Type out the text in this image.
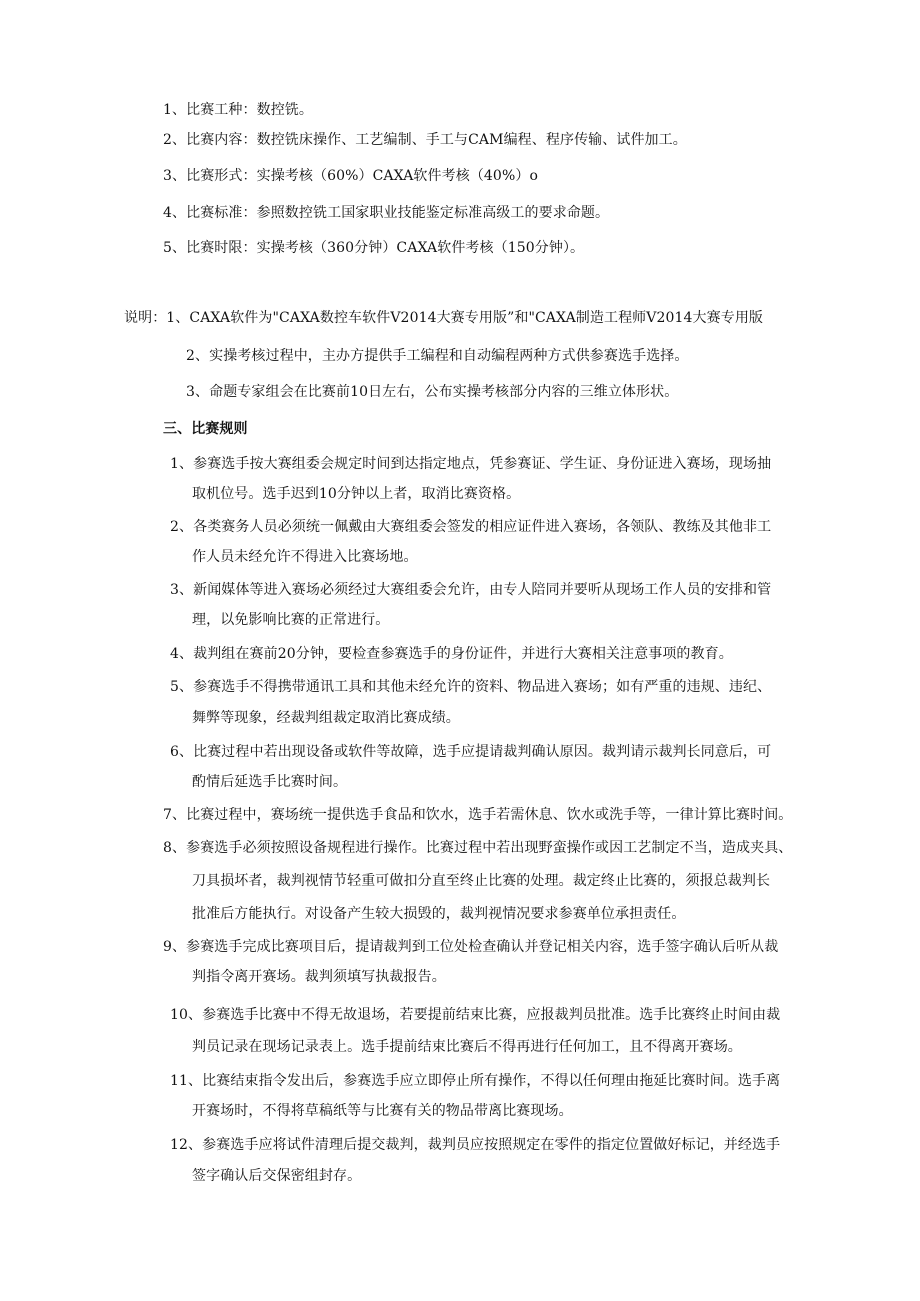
1、比赛工种：数控铣。

2、比赛内容：数控铣床操作、工艺编制、手工与CAM编程、程序传输、试件加工。

3、比赛形式：实操考核（60%）CAXA软件考核（40%）o

4、比赛标准：参照数控铣工国家职业技能鉴定标准高级工的要求命题。

5、比赛时限：实操考核（360分钟）CAXA软件考核（150分钟）。

说明：1、CAXA软件为"CAXA数控车软件V2014大赛专用版”和"CAXA制造工程师V2014大赛专用版

2、实操考核过程中，主办方提供手工编程和自动编程两种方式供参赛选手选择。

3、命题专家组会在比赛前10日左右，公布实操考核部分内容的三维立体形状。

三、比赛规则

1、参赛选手按大赛组委会规定时间到达指定地点，凭参赛证、学生证、身份证进入赛场，现场抽

取机位号。选手迟到10分钟以上者，取消比赛资格。

2、各类赛务人员必须统一佩戴由大赛组委会签发的相应证件进入赛场，各领队、教练及其他非工

作人员未经允许不得进入比赛场地。

3、新闻媒体等进入赛场必须经过大赛组委会允许，由专人陪同并要听从现场工作人员的安排和管

理，以免影响比赛的正常进行。

4、裁判组在赛前20分钟，要检查参赛选手的身份证件，并进行大赛相关注意事项的教育。

5、参赛选手不得携带通讯工具和其他未经允许的资料、物品进入赛场；如有严重的违规、违纪、

舞弊等现象，经裁判组裁定取消比赛成绩。

6、比赛过程中若出现设备或软件等故障，选手应提请裁判确认原因。裁判请示裁判长同意后，可

酌情后延选手比赛时间。

7、比赛过程中，赛场统一提供选手食品和饮水，选手若需休息、饮水或洗手等，一律计算比赛时间。

8、参赛选手必须按照设备规程进行操作。比赛过程中若出现野蛮操作或因工艺制定不当，造成夹具、

刀具损坏者，裁判视情节轻重可做扣分直至终止比赛的处理。裁定终止比赛的，须报总裁判长

批准后方能执行。对设备产生较大损毁的，裁判视情况要求参赛单位承担责任。

9、参赛选手完成比赛项目后，提请裁判到工位处检查确认并登记相关内容，选手签字确认后听从裁

判指令离开赛场。裁判须填写执裁报告。

10、参赛选手比赛中不得无故退场，若要提前结束比赛，应报裁判员批准。选手比赛终止时间由裁

判员记录在现场记录表上。选手提前结束比赛后不得再进行任何加工，且不得离开赛场。

11、比赛结束指令发出后，参赛选手应立即停止所有操作，不得以任何理由拖延比赛时间。选手离

开赛场时，不得将草稿纸等与比赛有关的物品带离比赛现场。

12、参赛选手应将试件清理后提交裁判，裁判员应按照规定在零件的指定位置做好标记，并经选手

签字确认后交保密组封存。
